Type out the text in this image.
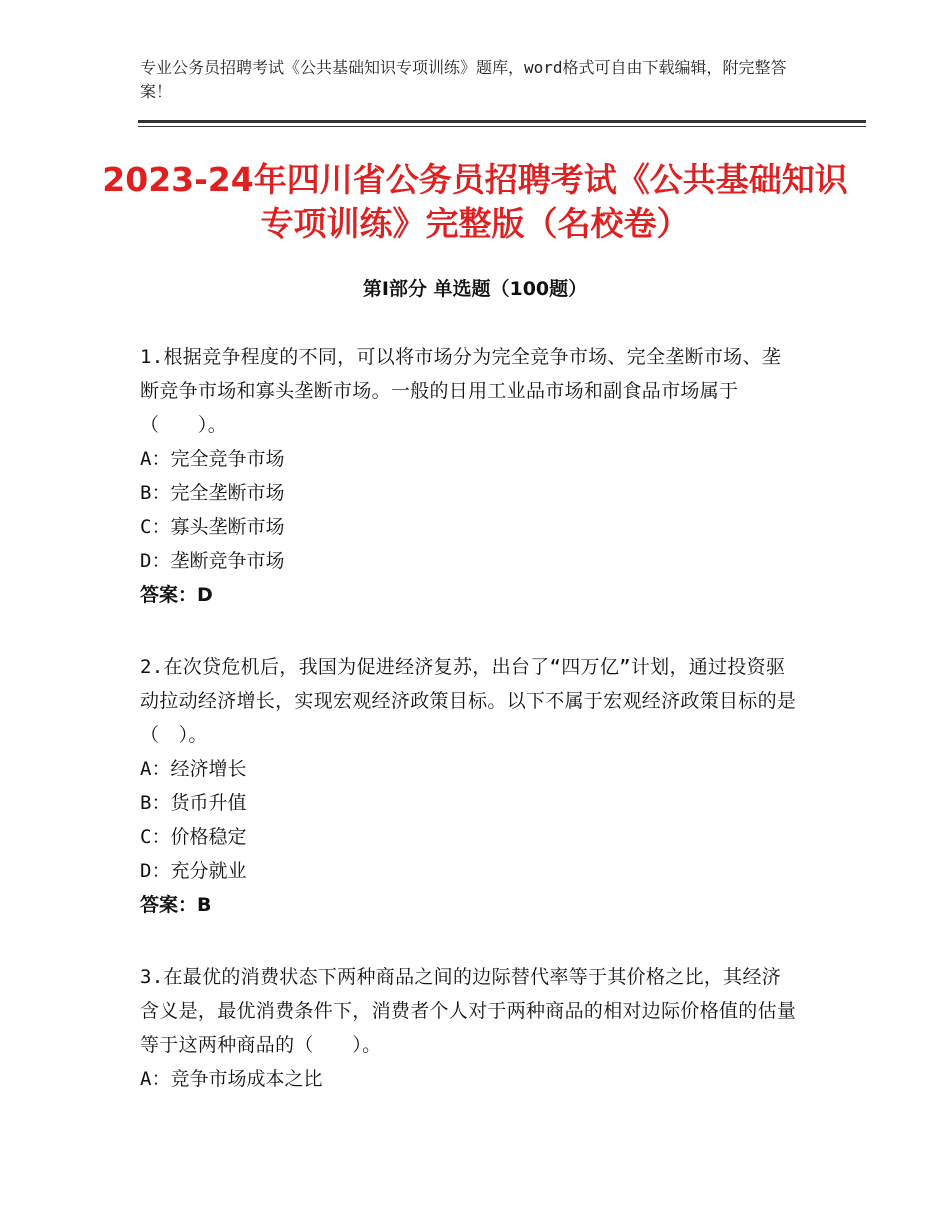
专业公务员招聘考试《公共基础知识专项训练》题库，word格式可自由下载编辑，附完整答案！
2023-24年四川省公务员招聘考试《公共基础知识专项训练》完整版（名校卷）
第Ⅰ部分 单选题（100题）

1.根据竞争程度的不同，可以将市场分为完全竞争市场、完全垄断市场、垄断竞争市场和寡头垄断市场。一般的日用工业品市场和副食品市场属于（　　）。

A：完全竞争市场

B：完全垄断市场

C：寡头垄断市场

D：垄断竞争市场

答案：D

2.在次贷危机后，我国为促进经济复苏，出台了“四万亿”计划，通过投资驱动拉动经济增长，实现宏观经济政策目标。以下不属于宏观经济政策目标的是（　）。

A：经济增长

B：货币升值

C：价格稳定

D：充分就业

答案：B

3.在最优的消费状态下两种商品之间的边际替代率等于其价格之比，其经济含义是，最优消费条件下，消费者个人对于两种商品的相对边际价格值的估量等于这两种商品的（　　）。

A：竞争市场成本之比
